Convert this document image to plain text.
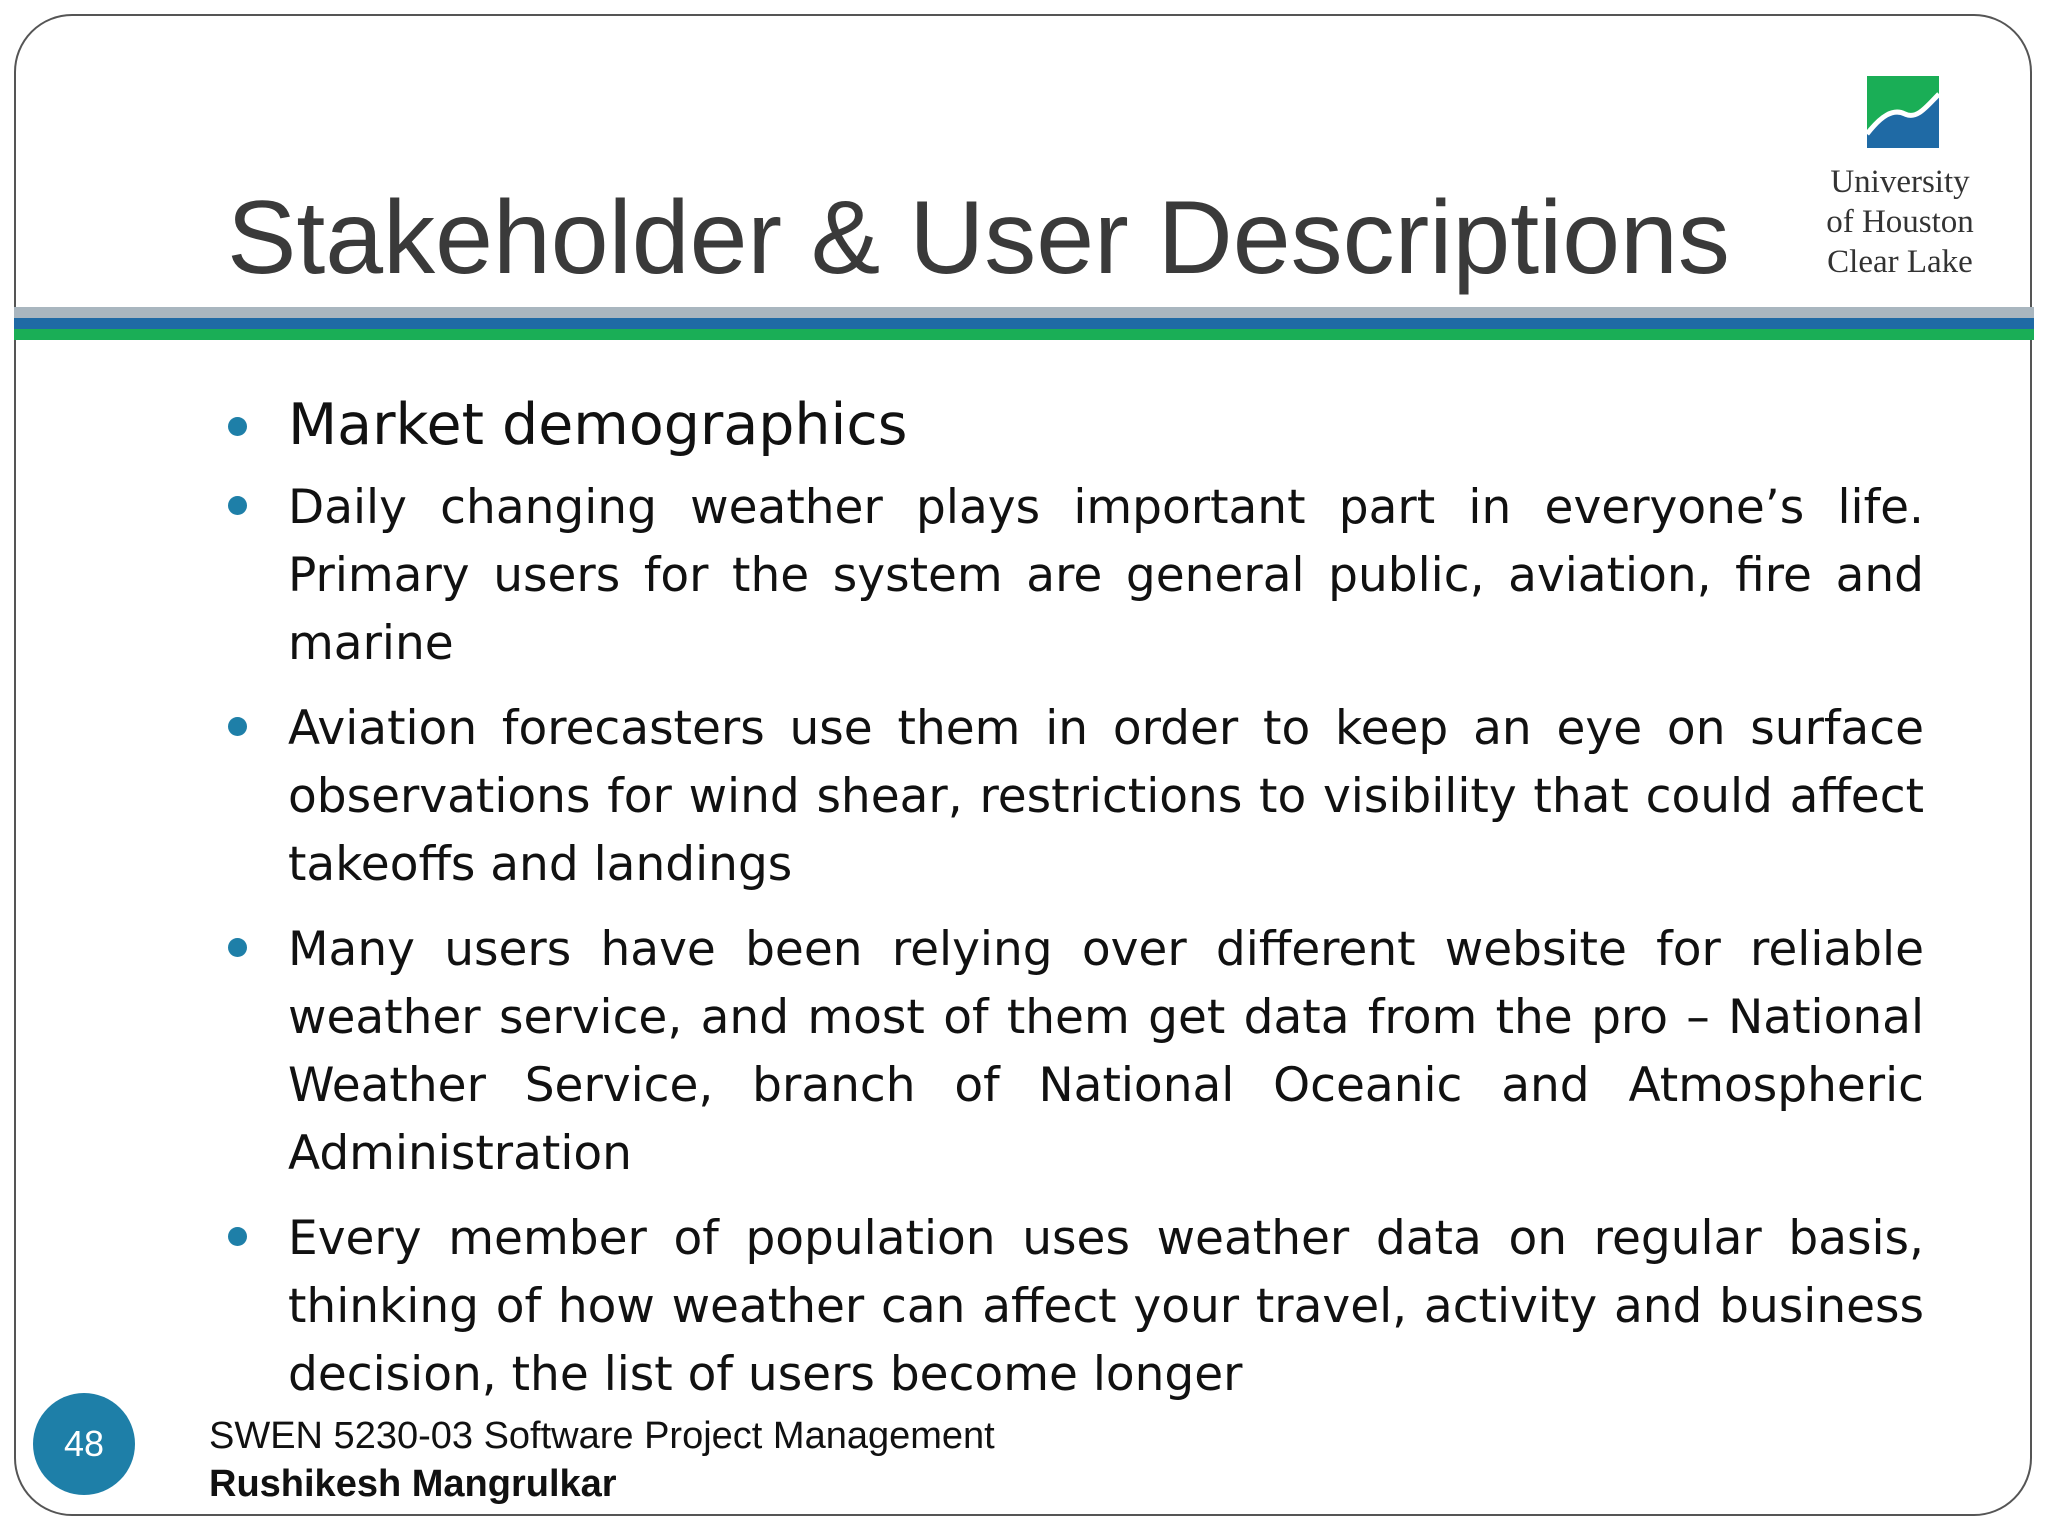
Stakeholder & User Descriptions	University
of Houston
Clear Lake
Market demographics
Daily changing weather plays important part in everyone’s life. Primary users for the system are general public, aviation, fire and marine
Aviation forecasters use them in order to keep an eye on surface observations for wind shear, restrictions to visibility that could affect takeoffs and landings
Many users have been relying over different website for reliable weather service, and most of them get data from the pro – National Weather Service, branch of National Oceanic and Atmospheric Administration
Every member of population uses weather data on regular basis, thinking of how weather can affect your travel, activity and business decision, the list of users become longer
48	SWEN 5230-03 Software Project Management
Rushikesh Mangrulkar
